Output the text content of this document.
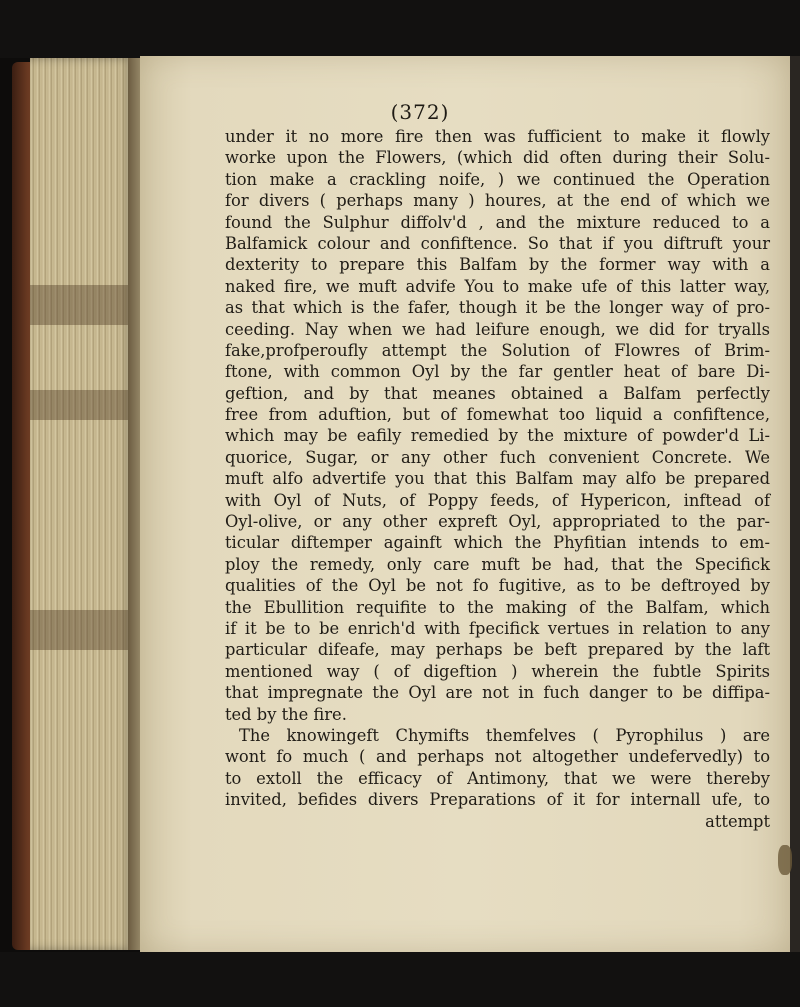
(372)

under it no more fire then was fufficient to make it flowly
worke upon the Flowers, (which did often during their Solu-
tion make a crackling noife, ) we continued the Operation
for divers ( perhaps many ) houres, at the end of which we
found the Sulphur diffolv'd , and the mixture reduced to a
Balfamick colour and confiftence. So that if you diftruft your
dexterity to prepare this Balfam by the former way with a
naked fire, we muft advife You to make ufe of this latter way,
as that which is the fafer, though it be the longer way of pro-
ceeding. Nay when we had leifure enough, we did for tryalls
fake,profperoufly attempt the Solution of Flowres of Brim-
ftone, with common Oyl by the far gentler heat of bare Di-
geftion, and by that meanes obtained a Balfam perfectly
free from aduftion, but of fomewhat too liquid a confiftence,
which may be eafily remedied by the mixture of powder'd Li-
quorice, Sugar, or any other fuch convenient Concrete. We
muft alfo advertife you that this Balfam may alfo be prepared
with Oyl of Nuts, of Poppy feeds, of Hypericon, inftead of
Oyl-olive, or any other expreft Oyl, appropriated to the par-
ticular diftemper againft which the Phyfitian intends to em-
ploy the remedy, only care muft be had, that the Specifick
qualities of the Oyl be not fo fugitive, as to be deftroyed by
the Ebullition requifite to the making of the Balfam, which
if it be to be enrich'd with fpecifick vertues in relation to any
particular difeafe, may perhaps be beft prepared by the laft
mentioned way ( of digeftion ) wherein the fubtle Spirits
that impregnate the Oyl are not in fuch danger to be diffipa-
ted by the fire.
The knowingeft Chymifts themfelves ( Pyrophilus ) are
wont fo much ( and perhaps not altogether undefervedly) to
to extoll the efficacy of Antimony, that we were thereby
invited, befides divers Preparations of it for internall ufe, to
attempt
